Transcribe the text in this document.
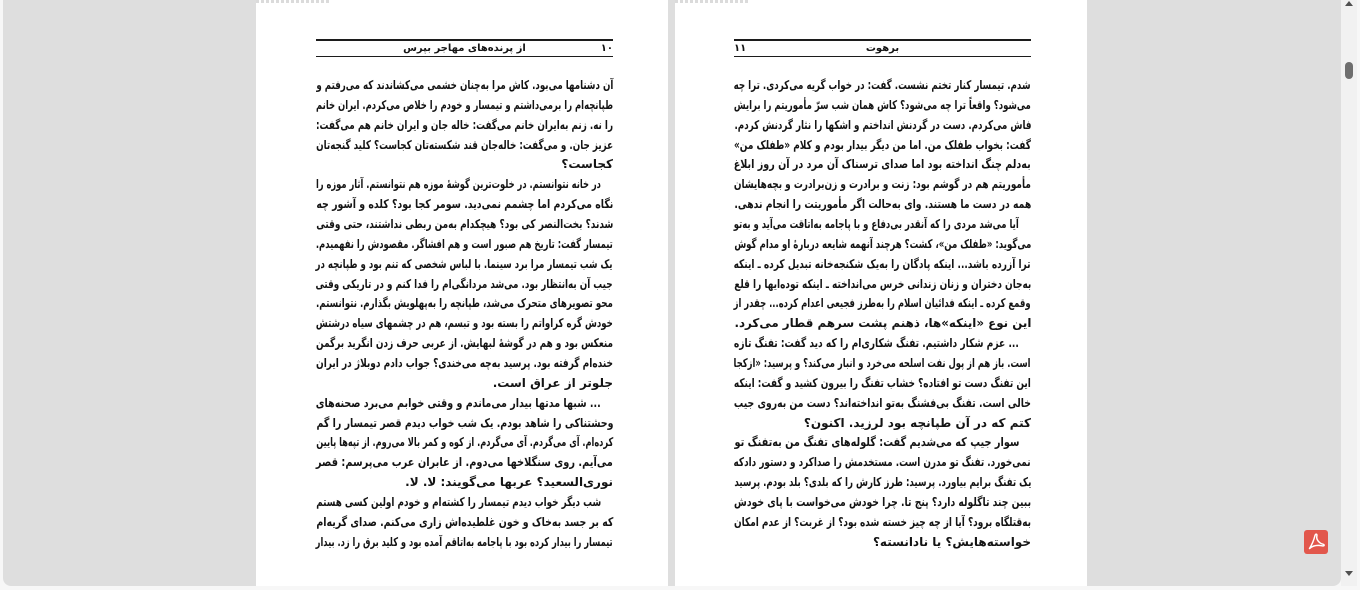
از پرنده‌های مهاجر بپرس	۱۰
آن دشنامها می‌بود. کاش مرا به‌چنان خشمی می‌کشاندند که می‌رفتم و
طپانچه‌ام را برمی‌داشتم و تیمسار و خودم را خلاص می‌کردم. ایران خانم
را نه. زنم به‌ایران خانم می‌گفت: خاله جان و ایران خانم هم می‌گفت:
عزیز جان. و می‌گفت: خاله‌جان قند شکسته‌تان کجاست؟ کلید گنجه‌تان
کجاست؟
در خانه نتوانستم. در خلوت‌ترین گوشهٔ موزه هم نتوانستم. آثار موزه را
نگاه می‌کردم اما چشمم نمی‌دید. سومر کجا بود؟ کلده و آشور چه
شدند؟ بخت‌النصر کی بود؟ هیچکدام به‌من ربطی نداشتند، حتی وقتی
تیمسار گفت: تاریخ هم صبور است و هم افشاگر. مقصودش را نفهمیدم.
یک شب تیمسار مرا برد سینما. با لباس شخصی که تنم بود و طپانچه در
جیب آن به‌انتظار بود. می‌شد مردانگی‌ام را فدا کنم و در تاریکی وقتی
محو تصویرهای متحرک می‌شد، طپانچه را به‌پهلویش بگذارم. نتوانستم.
خودش گره کراواتم را بسته بود و تبسم، هم در چشمهای سیاه درشتش
منعکس بود و هم در گوشهٔ لبهایش. از عربی حرف زدن انگرید برگمن
خنده‌ام گرفته بود. پرسید به‌چه می‌خندی؟ جواب دادم دوبلاژ در ایران
جلوتر از عراق است.
... شبها مدتها بیدار می‌ماندم و وقتی خوابم می‌برد صحنه‌های
وحشتناکی را شاهد بودم. یک شب خواب دیدم قصر تیمسار را گم
کرده‌ام. آی می‌گردم. آی می‌گردم. از کوه و کمر بالا می‌روم. از تپه‌ها پایین
می‌آیم. روی سنگلاخها می‌دوم. از عابران عرب می‌پرسم: قصر
نوری‌السعید؟ عربها می‌گویند: لا. لا.
شب دیگر خواب دیدم تیمسار را کشته‌ام و خودم اولین کسی هستم
که بر جسد به‌خاک و خون غلطیده‌اش زاری می‌کنم. صدای گریه‌ام
تیمسار را بیدار کرده بود با پاجامه به‌اتاقم آمده بود و کلید برق را زد. بیدار
برهوت
۱۱
شدم. تیمسار کنار تختم نشست. گفت: در خواب گریه می‌کردی. ترا چه
می‌شود؟ واقعاً ترا چه می‌شود؟ کاش همان شب سرّ مأموریتم را برایش
فاش می‌کردم. دست در گردنش انداختم و اشکها را نثار گردنش کردم.
گفت: بخواب طفلک من. اما من دیگر بیدار بودم و کلام «طفلک من»
به‌دلم چنگ انداخته بود اما صدای ترسناک آن مرد در آن روز ابلاغ
مأموریتم هم در گوشم بود: زنت و برادرت و زن‌برادرت و بچه‌هایشان
همه در دست ما هستند. وای به‌حالت اگر مأموریتت را انجام ندهی.
آیا می‌شد مردی را که آنقدر بی‌دفاع و با پاجامه به‌اتاقت می‌آید و به‌تو
می‌گوید: «طفلک من»، کشت؟ هرچند آنهمه شایعه دربارهٔ او مدام گوش
ترا آزرده باشد... اینکه پادگان را به‌یک شکنجه‌خانه تبدیل کرده ـ اینکه
به‌جان دختران و زنان زندانی خرس می‌انداخته ـ اینکه توده‌ایها را قلع
وقمع کرده ـ اینکه فدائیان اسلام را به‌طرز فجیعی اعدام کرده... چقدر از
این نوع «اینکه»ها، ذهنم پشت سرهم قطار می‌کرد.
... عزم شکار داشتیم. تفنگ شکاری‌ام را که دید گفت: تفنگ تازه
است. باز هم از پول نفت اسلحه می‌خرد و انبار می‌کند؟ و پرسید: «ازکجا
این تفنگ دست تو افتاده؟ خشاب تفنگ را بیرون کشید و گفت: اینکه
خالی است. تفنگ بی‌فشنگ به‌تو انداخته‌اند؟ دست من به‌روی جیب
کتم که در آن طپانچه بود لرزید. اکنون؟
سوار جیپ که می‌شدیم گفت: گلوله‌های تفنگ من به‌تفنگ تو
نمی‌خورد. تفنگ تو مدرن است. مستخدمش را صداکرد و دستور دادکه
یک تفنگ برایم بیاورد. پرسید: طرز کارش را که بلدی؟ بلد بودم. پرسید
ببین چند تاگلوله دارد؟ پنج تا. چرا خودش می‌خواست با پای خودش
به‌قتلگاه برود؟ آیا از چه چیز خسته شده بود؟ از غربت؟ از عدم امکان
خواسته‌هایش؟ یا نادانسته؟
